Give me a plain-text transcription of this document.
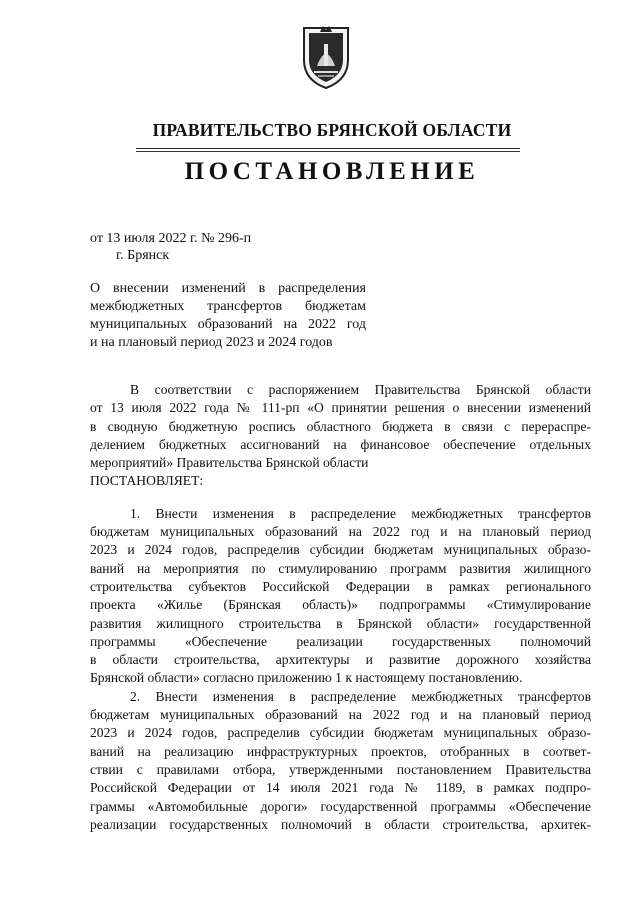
ПРАВИТЕЛЬСТВО БРЯНСКОЙ ОБЛАСТИ
ПОСТАНОВЛЕНИЕ
от 13 июля 2022 г. № 296-п
г. Брянск
О внесении изменений в распределения
межбюджетных трансфертов бюджетам
муниципальных образований на 2022 год
и на плановый период 2023 и 2024 годов
В соответствии с распоряжением Правительства Брянской области
от 13 июля 2022 года № 111-рп «О принятии решения о внесении изменений
в сводную бюджетную роспись областного бюджета в связи с перераспре-
делением бюджетных ассигнований на финансовое обеспечение отдельных
мероприятий» Правительства Брянской области
ПОСТАНОВЛЯЕТ:
1. Внести изменения в распределение межбюджетных трансфертов
бюджетам муниципальных образований на 2022 год и на плановый период
2023 и 2024 годов, распределив субсидии бюджетам муниципальных образо-
ваний на мероприятия по стимулированию программ развития жилищного
строительства субъектов Российской Федерации в рамках регионального
проекта «Жилье (Брянская область)» подпрограммы «Стимулирование
развития жилищного строительства в Брянской области» государственной
программы «Обеспечение реализации государственных полномочий
в области строительства, архитектуры и развитие дорожного хозяйства
Брянской области» согласно приложению 1 к настоящему постановлению.
2. Внести изменения в распределение межбюджетных трансфертов
бюджетам муниципальных образований на 2022 год и на плановый период
2023 и 2024 годов, распределив субсидии бюджетам муниципальных образо-
ваний на реализацию инфраструктурных проектов, отобранных в соответ-
ствии с правилами отбора, утвержденными постановлением Правительства
Российской Федерации от 14 июля 2021 года № 1189, в рамках подпро-
граммы «Автомобильные дороги» государственной программы «Обеспечение
реализации государственных полномочий в области строительства, архитек-
